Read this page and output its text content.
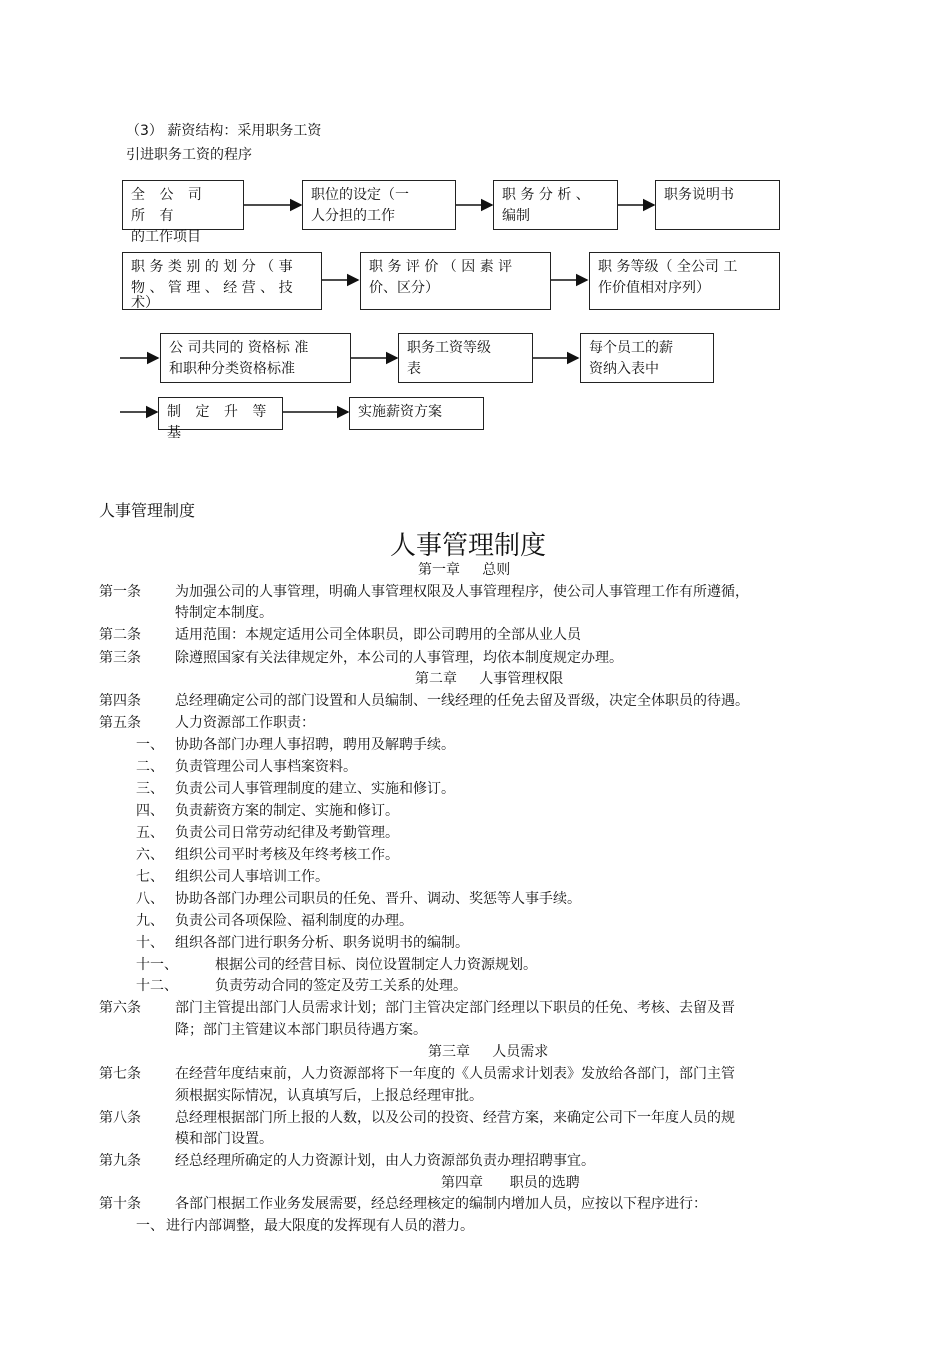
（3） 薪资结构：采用职务工资
引进职务工资的程序
全 公 司 所 有
的工作项目
职位的设定（一
人分担的工作
职 务 分 析 、
编制
职务说明书
职 务 类 别 的 划 分 （ 事
物 、 管 理 、 经 营 、 技
术）
职 务 评 价 （ 因 素 评
价、区分）
职 务等级（ 全公司 工
作价值相对序列）
公 司共同的 资格标 准
和职种分类资格标准
职务工资等级
表
每个员工的薪
资纳入表中
制 定 升 等 基
实施薪资方案
人事管理制度
人事管理制度
第一章     总则
第一条 为加强公司的人事管理，明确人事管理权限及人事管理程序，使公司人事管理工作有所遵循，
特制定本制度。
第二条 适用范围：本规定适用公司全体职员，即公司聘用的全部从业人员
第三条 除遵照国家有关法律规定外，本公司的人事管理，均依本制度规定办理。
第二章     人事管理权限
第四条 总经理确定公司的部门设置和人员编制、一线经理的任免去留及晋级，决定全体职员的待遇。
第五条 人力资源部工作职责：
一、 协助各部门办理人事招聘，聘用及解聘手续。
二、 负责管理公司人事档案资料。
三、 负责公司人事管理制度的建立、实施和修订。
四、 负责薪资方案的制定、实施和修订。
五、 负责公司日常劳动纪律及考勤管理。
六、 组织公司平时考核及年终考核工作。
七、 组织公司人事培训工作。
八、 协助各部门办理公司职员的任免、晋升、调动、奖惩等人事手续。
九、 负责公司各项保险、福利制度的办理。
十、 组织各部门进行职务分析、职务说明书的编制。
十一、	根据公司的经营目标、岗位设置制定人力资源规划。
十二、	负责劳动合同的签定及劳工关系的处理。
第六条 部门主管提出部门人员需求计划；部门主管决定部门经理以下职员的任免、考核、去留及晋
降；部门主管建议本部门职员待遇方案。
第三章     人员需求
第七条 在经营年度结束前，人力资源部将下一年度的《人员需求计划表》发放给各部门，部门主管
须根据实际情况，认真填写后，上报总经理审批。
第八条 总经理根据部门所上报的人数，以及公司的投资、经营方案，来确定公司下一年度人员的规
模和部门设置。
第九条 经总经理所确定的人力资源计划，由人力资源部负责办理招聘事宜。
第四章      职员的选聘
第十条 各部门根据工作业务发展需要，经总经理核定的编制内增加人员，应按以下程序进行：
一、 进行内部调整，最大限度的发挥现有人员的潜力。
